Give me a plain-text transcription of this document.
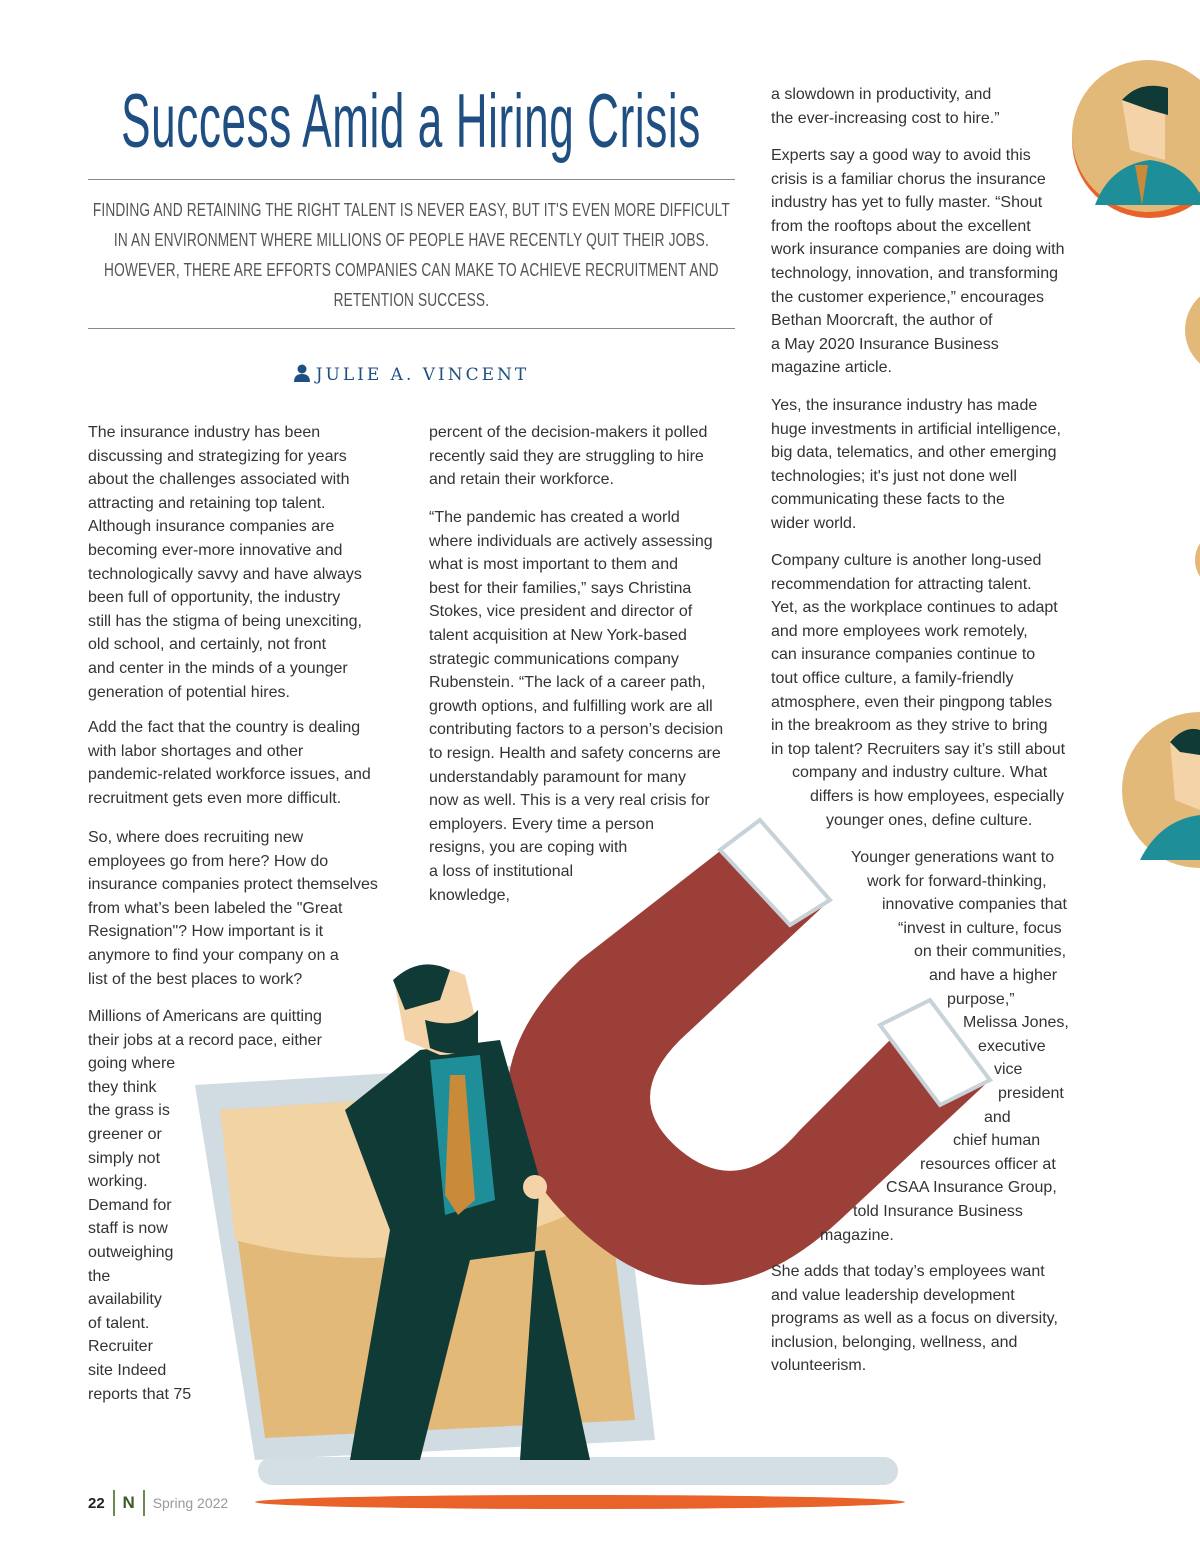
Success Amid a Hiring Crisis
FINDING AND RETAINING THE RIGHT TALENT IS NEVER EASY, BUT IT'S EVEN MORE DIFFICULT IN AN ENVIRONMENT WHERE MILLIONS OF PEOPLE HAVE RECENTLY QUIT THEIR JOBS. HOWEVER, THERE ARE EFFORTS COMPANIES CAN MAKE TO ACHIEVE RECRUITMENT AND RETENTION SUCCESS.
JULIE A. VINCENT
The insurance industry has been
discussing and strategizing for years
about the challenges associated with
attracting and retaining top talent.
Although insurance companies are
becoming ever-more innovative and
technologically savvy and have always
been full of opportunity, the industry
still has the stigma of being unexciting,
old school, and certainly, not front
and center in the minds of a younger
generation of potential hires.
Add the fact that the country is dealing
with labor shortages and other
pandemic-related workforce issues, and
recruitment gets even more difficult.
So, where does recruiting new
employees go from here? How do
insurance companies protect themselves
from what’s been labeled the "Great
Resignation"? How important is it
anymore to find your company on a
list of the best places to work?
Millions of Americans are quitting
their jobs at a record pace, either
going where
they think
the grass is
greener or
simply not
working.
Demand for
staff is now
outweighing
the
availability
of talent.
Recruiter
site Indeed
reports that 75
percent of the decision-makers it polled
recently said they are struggling to hire
and retain their workforce.
“The pandemic has created a world
where individuals are actively assessing
what is most important to them and
best for their families,” says Christina
Stokes, vice president and director of
talent acquisition at New York-based
strategic communications company
Rubenstein. “The lack of a career path,
growth options, and fulfilling work are all
contributing factors to a person’s decision
to resign. Health and safety concerns are
understandably paramount for many
now as well. This is a very real crisis for
employers. Every time a person
resigns, you are coping with
a loss of institutional
knowledge,
a slowdown in productivity, and
the ever-increasing cost to hire.”
Experts say a good way to avoid this
crisis is a familiar chorus the insurance
industry has yet to fully master. “Shout
from the rooftops about the excellent
work insurance companies are doing with
technology, innovation, and transforming
the customer experience,” encourages
Bethan Moorcraft, the author of
a May 2020 Insurance Business
magazine article.
Yes, the insurance industry has made
huge investments in artificial intelligence,
big data, telematics, and other emerging
technologies; it's just not done well
communicating these facts to the
wider world.
Company culture is another long-used
recommendation for attracting talent.
Yet, as the workplace continues to adapt
and more employees work remotely,
can insurance companies continue to
tout office culture, a family-friendly
atmosphere, even their pingpong tables
in the breakroom as they strive to bring
in top talent? Recruiters say it’s still about
company and industry culture. What
differs is how employees, especially
younger ones, define culture.
Younger generations want to
work for forward-thinking,
innovative companies that
“invest in culture, focus
on their communities,
and have a higher
purpose,”
Melissa Jones,
executive
vice
president
and
chief human
resources officer at
CSAA Insurance Group,
told Insurance Business
magazine.
She adds that today’s employees want
and value leadership development
programs as well as a focus on diversity,
inclusion, belonging, wellness, and
volunteerism.
22	N	Spring 2022
